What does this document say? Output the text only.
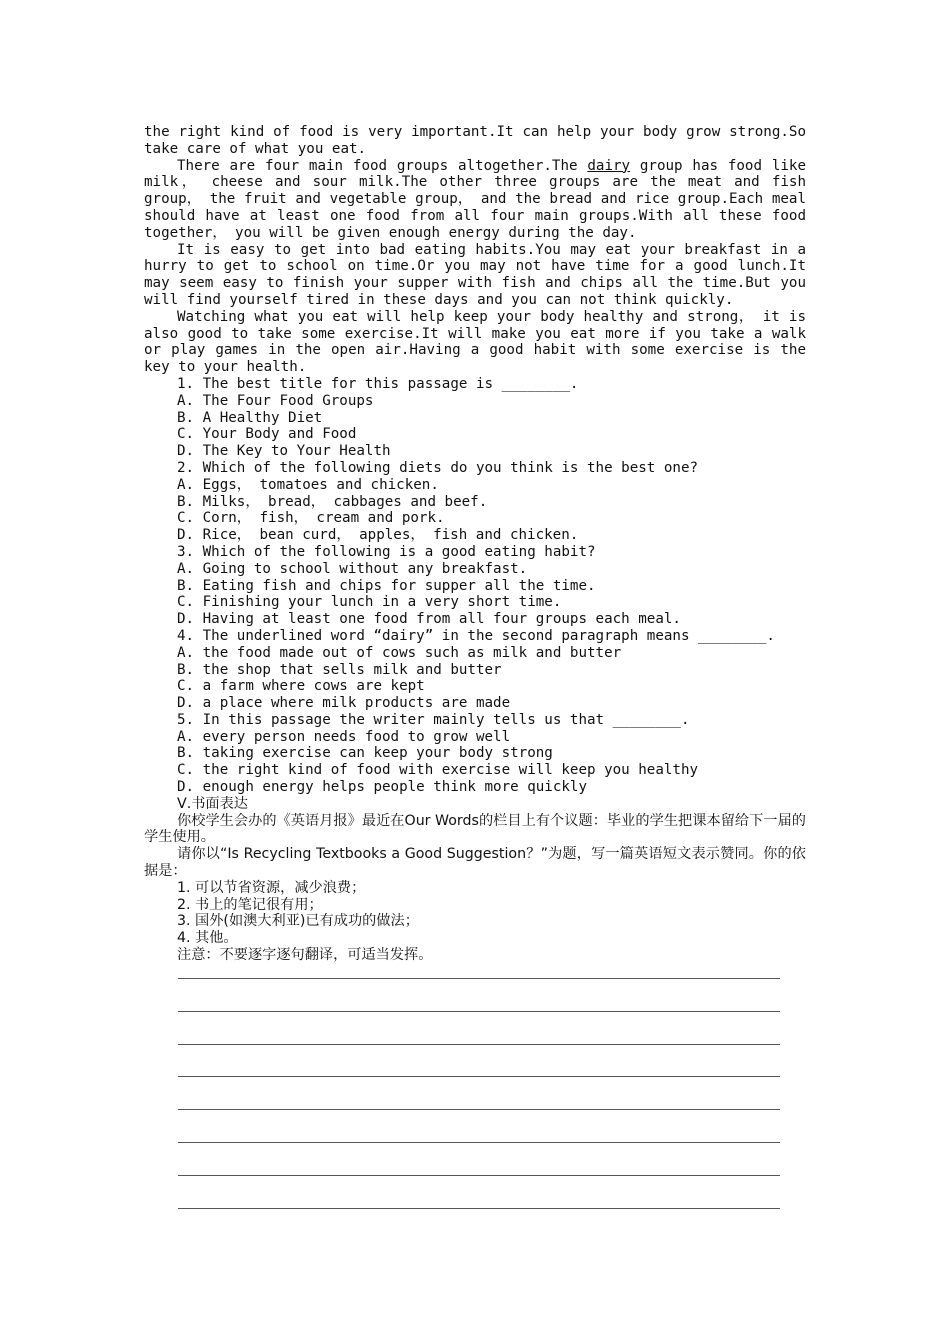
the right kind of food is very important.It can help your body grow strong.So take care of what you eat.

There are four main food groups altogether.The dairy group has food like milk， cheese and sour milk.The other three groups are the meat and fish group， the fruit and vegetable group， and the bread and rice group.Each meal should have at least one food from all four main groups.With all these food together， you will be given enough energy during the day.

It is easy to get into bad eating habits.You may eat your breakfast in a hurry to get to school on time.Or you may not have time for a good lunch.It may seem easy to finish your supper with fish and chips all the time.But you will find yourself tired in these days and you can not think quickly.

Watching what you eat will help keep your body healthy and strong， it is also good to take some exercise.It will make you eat more if you take a walk or play games in the open air.Having a good habit with some exercise is the key to your health.

1. The best title for this passage is ________.

A. The Four Food Groups

B. A Healthy Diet

C. Your Body and Food

D. The Key to Your Health

2. Which of the following diets do you think is the best one?

A. Eggs， tomatoes and chicken.

B. Milks， bread， cabbages and beef.

C. Corn， fish， cream and pork.

D. Rice， bean curd， apples， fish and chicken.

3. Which of the following is a good eating habit?

A. Going to school without any breakfast.

B. Eating fish and chips for supper all the time.

C. Finishing your lunch in a very short time.

D. Having at least one food from all four groups each meal.

4. The underlined word “dairy” in the second paragraph means ________.

A. the food made out of cows such as milk and butter

B. the shop that sells milk and butter

C. a farm where cows are kept

D. a place where milk products are made

5. In this passage the writer mainly tells us that ________.

A. every person needs food to grow well

B. taking exercise can keep your body strong

C. the right kind of food with exercise will keep you healthy

D. enough energy helps people think more quickly

Ⅴ.书面表达

你校学生会办的《英语月报》最近在Our Words的栏目上有个议题：毕业的学生把课本留给下一届的学生使用。

请你以“Is Recycling Textbooks a Good Suggestion？”为题，写一篇英语短文表示赞同。你的依据是：

1. 可以节省资源，减少浪费；

2. 书上的笔记很有用；

3. 国外(如澳大利亚)已有成功的做法；

4. 其他。

注意：不要逐字逐句翻译，可适当发挥。
